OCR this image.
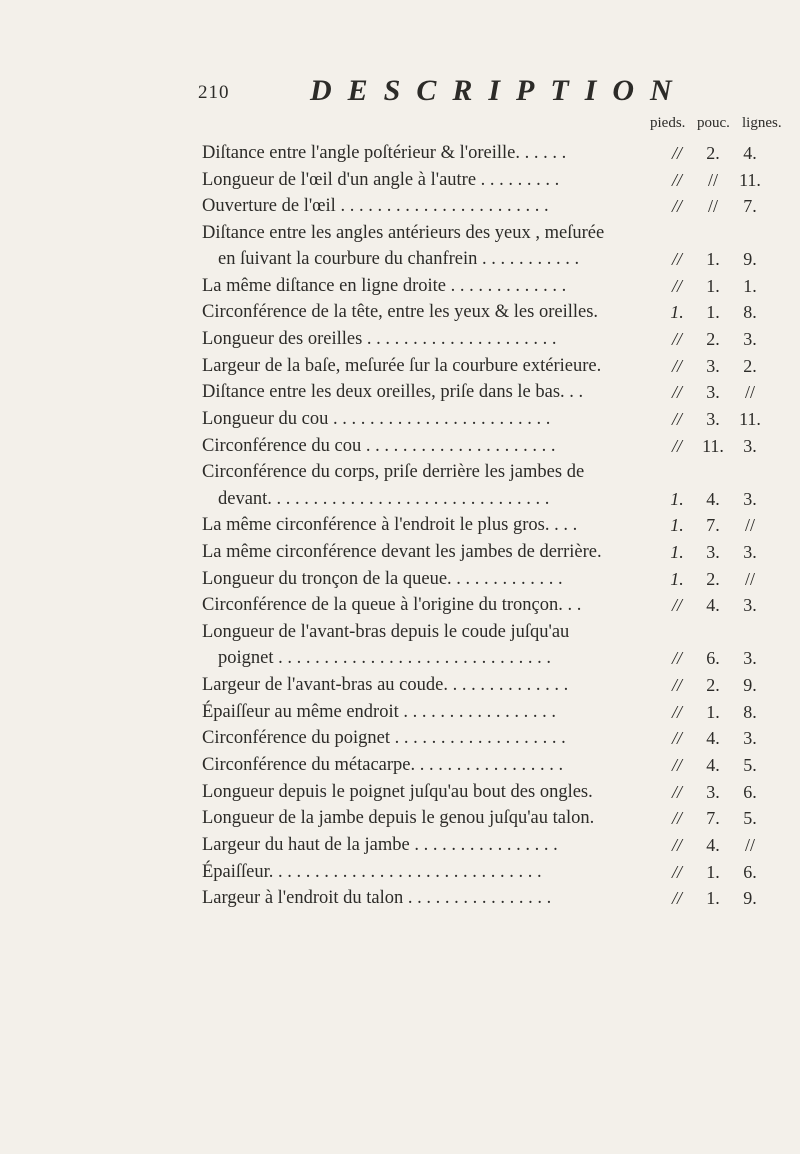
210	DESCRIPTION
pieds. pouc. lignes.
Diſtance entre l'angle poſtérieur & l'oreille. . . . . .	//	2.	4.
Longueur de l'œil d'un angle à l'autre . . . . . . . . .	//	//	11.
Ouverture de l'œil . . . . . . . . . . . . . . . . . . . . . . .	//	//	7.
Diſtance entre les angles antérieurs des yeux , meſurée
en ſuivant la courbure du chanfrein . . . . . . . . . . .	//	1.	9.
La même diſtance en ligne droite . . . . . . . . . . . . .	//	1.	1.
Circonférence de la tête, entre les yeux & les oreilles.	1.	1.	8.
Longueur des oreilles . . . . . . . . . . . . . . . . . . . . .	//	2.	3.
Largeur de la baſe, meſurée ſur la courbure extérieure.	//	3.	2.
Diſtance entre les deux oreilles, priſe dans le bas. . .	//	3.	//
Longueur du cou . . . . . . . . . . . . . . . . . . . . . . . .	//	3.	11.
Circonférence du cou . . . . . . . . . . . . . . . . . . . . .	//	11.	3.
Circonférence du corps, priſe derrière les jambes de
devant. . . . . . . . . . . . . . . . . . . . . . . . . . . . . . .	1.	4.	3.
La même circonférence à l'endroit le plus gros. . . .	1.	7.	//
La même circonférence devant les jambes de derrière.	1.	3.	3.
Longueur du tronçon de la queue. . . . . . . . . . . . .	1.	2.	//
Circonférence de la queue à l'origine du tronçon. . .	//	4.	3.
Longueur de l'avant-bras depuis le coude juſqu'au
poignet . . . . . . . . . . . . . . . . . . . . . . . . . . . . . .	//	6.	3.
Largeur de l'avant-bras au coude. . . . . . . . . . . . . .	//	2.	9.
Épaiſſeur au même endroit . . . . . . . . . . . . . . . . .	//	1.	8.
Circonférence du poignet . . . . . . . . . . . . . . . . . . .	//	4.	3.
Circonférence du métacarpe. . . . . . . . . . . . . . . . .	//	4.	5.
Longueur depuis le poignet juſqu'au bout des ongles.	//	3.	6.
Longueur de la jambe depuis le genou juſqu'au talon.	//	7.	5.
Largeur du haut de la jambe . . . . . . . . . . . . . . . .	//	4.	//
Épaiſſeur. . . . . . . . . . . . . . . . . . . . . . . . . . . . . .	//	1.	6.
Largeur à l'endroit du talon . . . . . . . . . . . . . . . .	//	1.	9.
